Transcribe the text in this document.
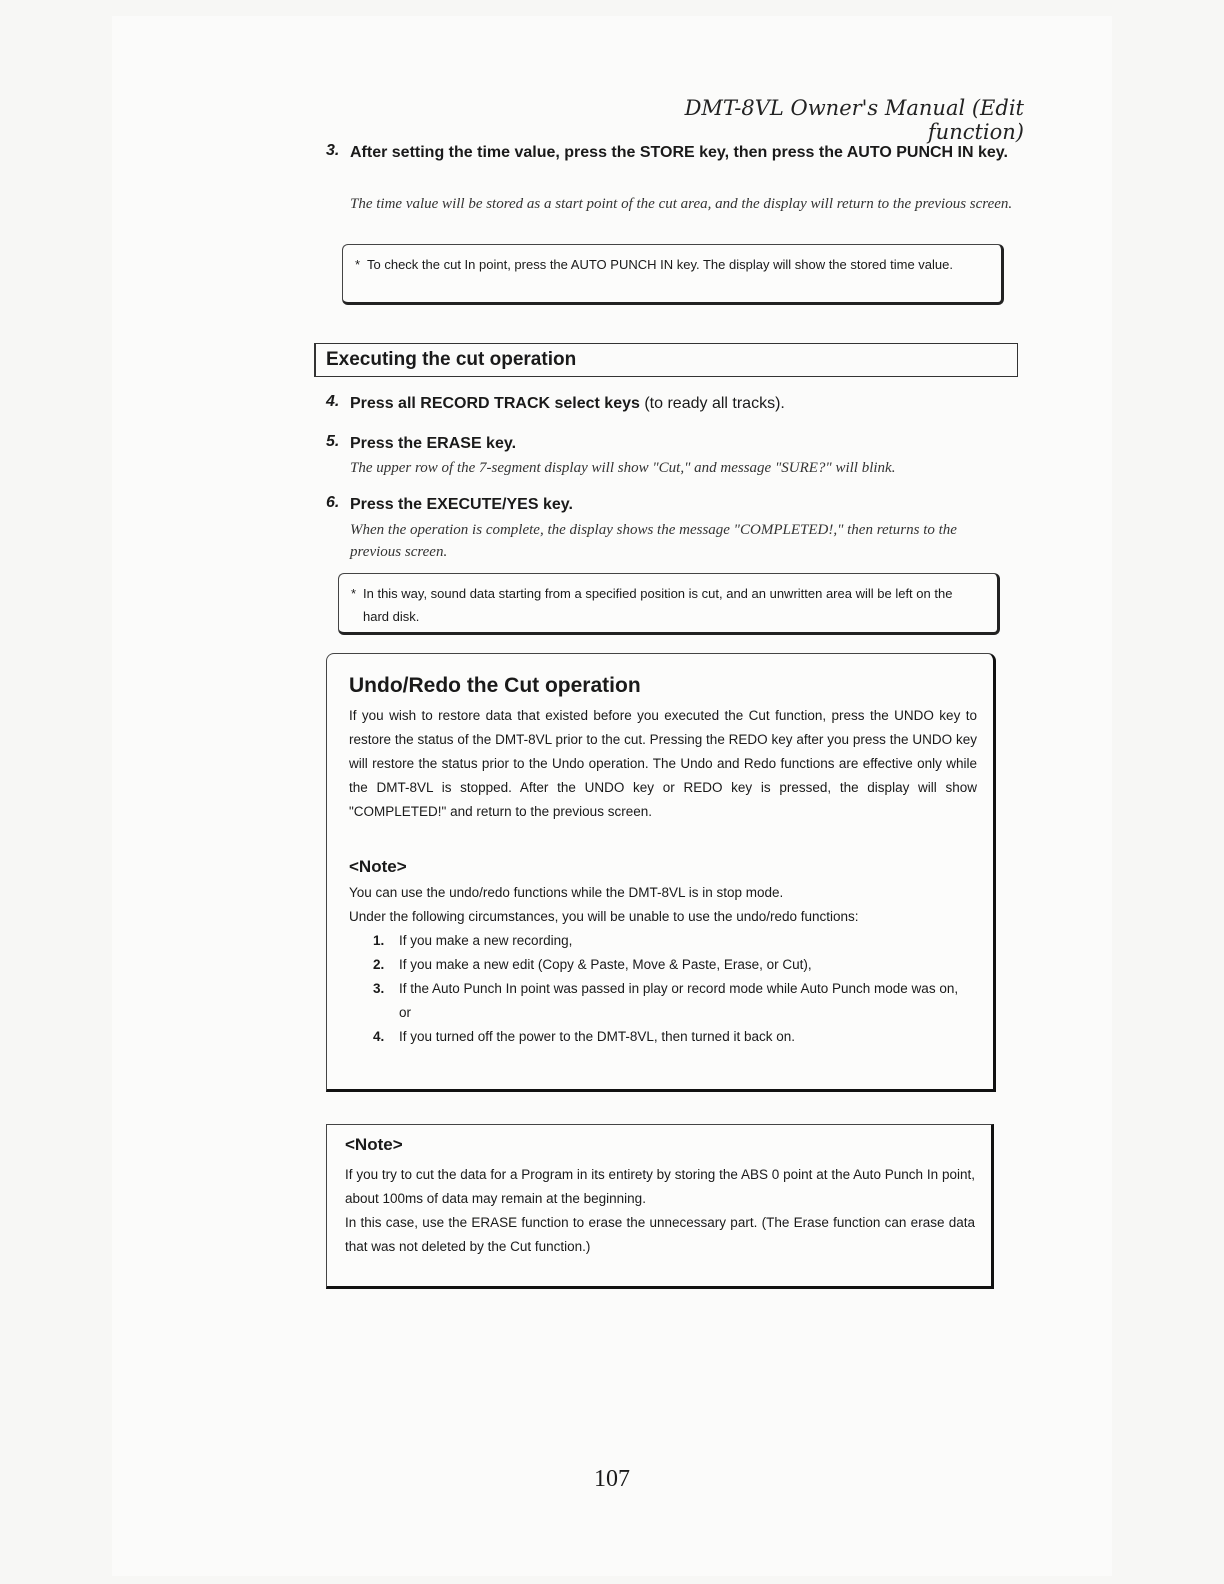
DMT-8VL Owner's Manual (Edit function)
3. After setting the time value, press the STORE key, then press the AUTO PUNCH IN key.
The time value will be stored as a start point of the cut area, and the display will return to the previous screen.
* To check the cut In point, press the AUTO PUNCH IN key. The display will show the stored time value.
Executing the cut operation
4. Press all RECORD TRACK select keys (to ready all tracks).
5. Press the ERASE key.
The upper row of the 7-segment display will show "Cut," and message "SURE?" will blink.
6. Press the EXECUTE/YES key.
When the operation is complete, the display shows the message "COMPLETED!," then returns to the previous screen.
* In this way, sound data starting from a specified position is cut, and an unwritten area will be left on the hard disk.
Undo/Redo the Cut operation
If you wish to restore data that existed before you executed the Cut function, press the UNDO key to restore the status of the DMT-8VL prior to the cut. Pressing the REDO key after you press the UNDO key will restore the status prior to the Undo operation. The Undo and Redo functions are effective only while the DMT-8VL is stopped. After the UNDO key or REDO key is pressed, the display will show "COMPLETED!" and return to the previous screen.
<Note>
You can use the undo/redo functions while the DMT-8VL is in stop mode.
Under the following circumstances, you will be unable to use the undo/redo functions:
1.	If you make a new recording,
2.	If you make a new edit (Copy & Paste, Move & Paste, Erase, or Cut),
3.	If the Auto Punch In point was passed in play or record mode while Auto Punch mode was on, or
4.	If you turned off the power to the DMT-8VL, then turned it back on.
<Note>
If you try to cut the data for a Program in its entirety by storing the ABS 0 point at the Auto Punch In point, about 100ms of data may remain at the beginning.
In this case, use the ERASE function to erase the unnecessary part. (The Erase function can erase data that was not deleted by the Cut function.)
107
